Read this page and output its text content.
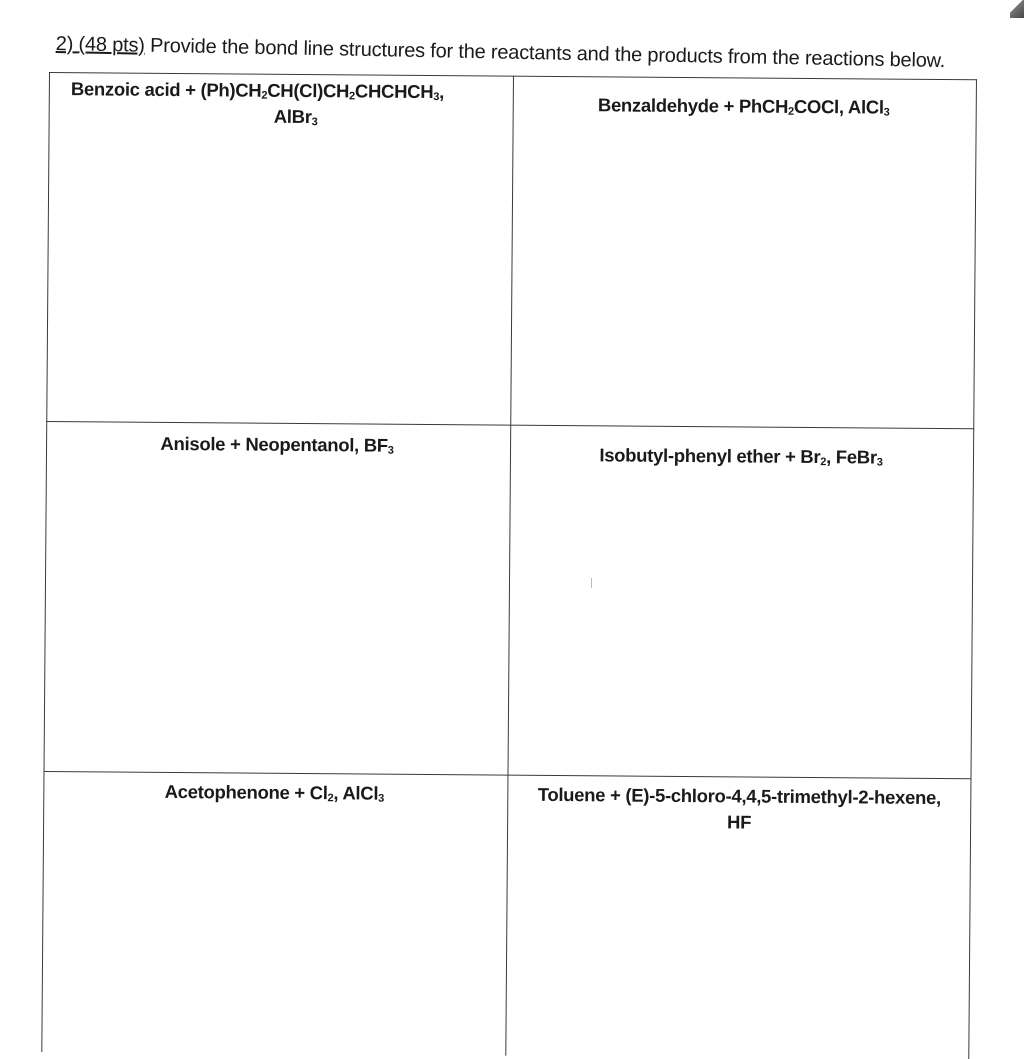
2) (48 pts) Provide the bond line structures for the reactants and the products from the reactions below.
Benzoic acid + $(Ph)CH_2CH(Cl)CH_2CHCHCH_3$,
AlBr$_3$
Benzaldehyde + PhCH$_2$COCl, AlCl$_3$
Anisole + Neopentanol, $BF_3$	Isobutyl-phenyl ether + $Br_2$, FeBr$_3$
Acetophenone + $Cl_2$, AlCl$_3$	Toluene + (E)-5-chloro-4,4,5-trimethyl-2-hexene,
HF
